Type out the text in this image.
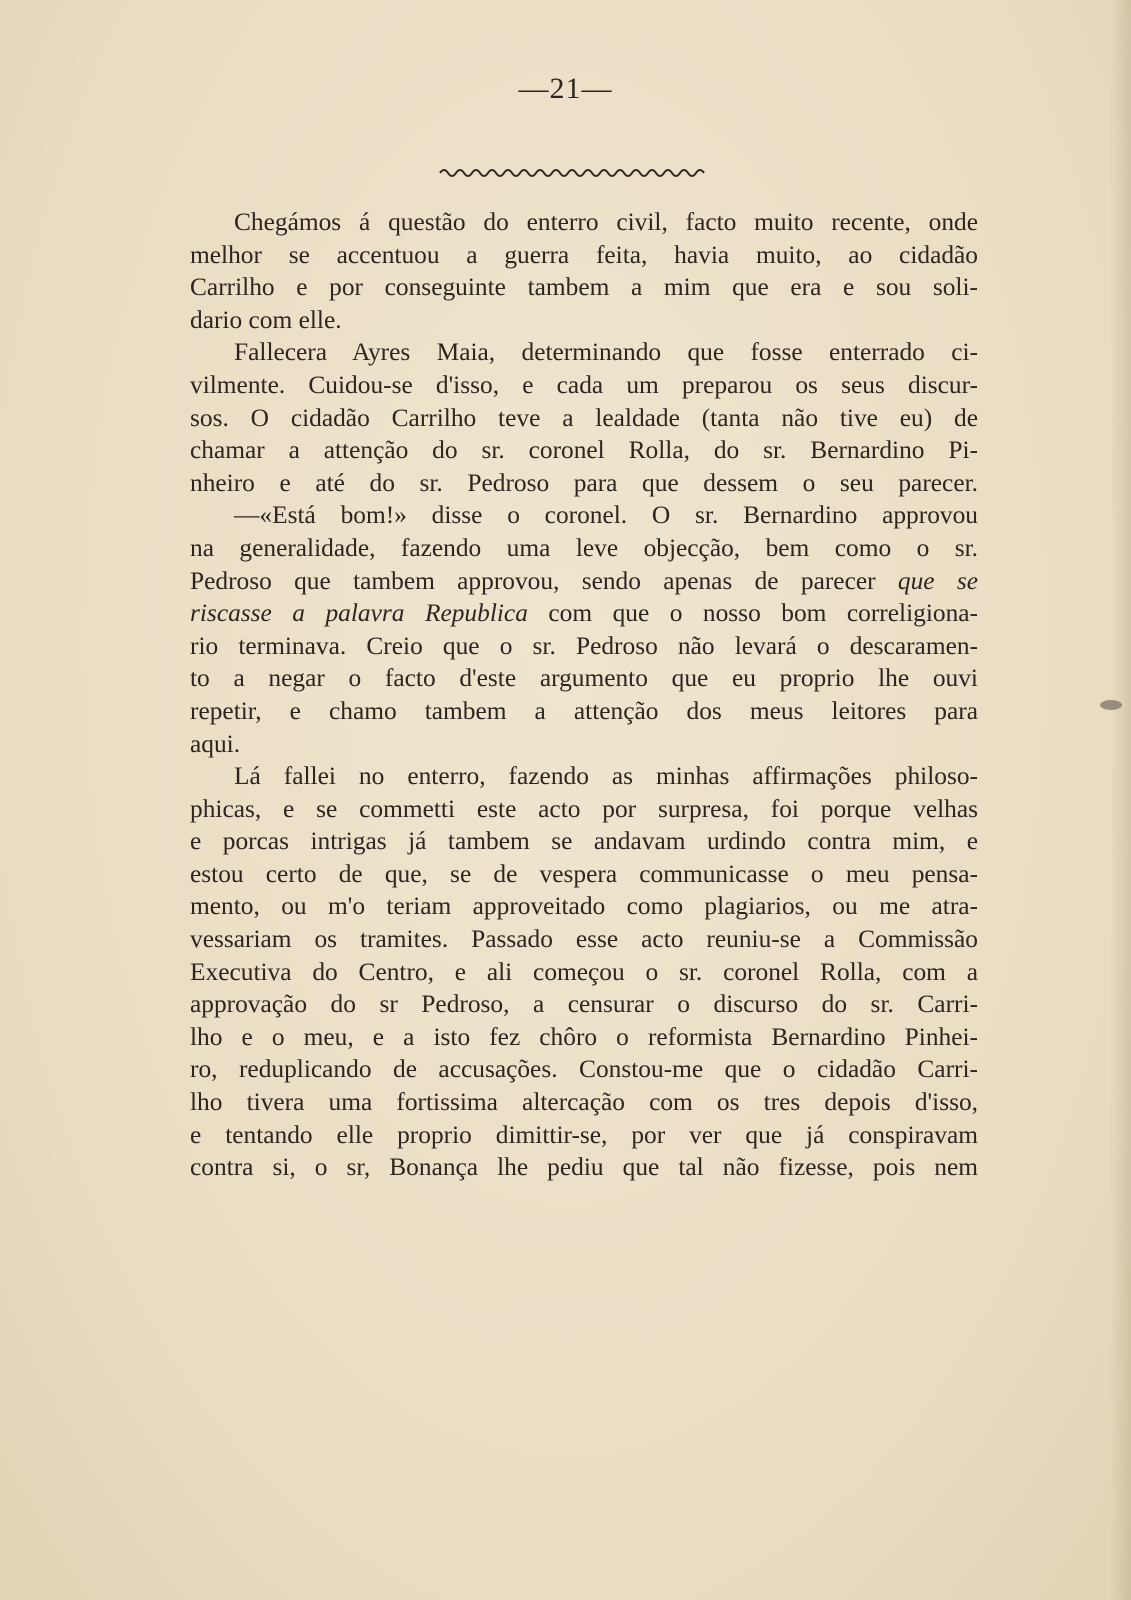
—21—
Chegámos á questão do enterro civil, facto muito recente, onde
melhor se accentuou a guerra feita, havia muito, ao cidadão
Carrilho e por conseguinte tambem a mim que era e sou soli-
dario com elle.
Fallecera Ayres Maia, determinando que fosse enterrado ci-
vilmente. Cuidou-se d'isso, e cada um preparou os seus discur-
sos. O cidadão Carrilho teve a lealdade (tanta não tive eu) de
chamar a attenção do sr. coronel Rolla, do sr. Bernardino Pi-
nheiro e até do sr. Pedroso para que dessem o seu parecer.
—«Está bom!» disse o coronel. O sr. Bernardino approvou
na generalidade, fazendo uma leve objecção, bem como o sr.
Pedroso que tambem approvou, sendo apenas de parecer que se
riscasse a palavra Republica com que o nosso bom correligiona-
rio terminava. Creio que o sr. Pedroso não levará o descaramen-
to a negar o facto d'este argumento que eu proprio lhe ouvi
repetir, e chamo tambem a attenção dos meus leitores para
aqui.
Lá fallei no enterro, fazendo as minhas affirmações philoso-
phicas, e se commetti este acto por surpresa, foi porque velhas
e porcas intrigas já tambem se andavam urdindo contra mim, e
estou certo de que, se de vespera communicasse o meu pensa-
mento, ou m'o teriam approveitado como plagiarios, ou me atra-
vessariam os tramites. Passado esse acto reuniu-se a Commissão
Executiva do Centro, e ali começou o sr. coronel Rolla, com a
approvação do sr Pedroso, a censurar o discurso do sr. Carri-
lho e o meu, e a isto fez chôro o reformista Bernardino Pinhei-
ro, reduplicando de accusações. Constou-me que o cidadão Carri-
lho tivera uma fortissima altercação com os tres depois d'isso,
e tentando elle proprio dimittir-se, por ver que já conspiravam
contra si, o sr, Bonança lhe pediu que tal não fizesse, pois nem
